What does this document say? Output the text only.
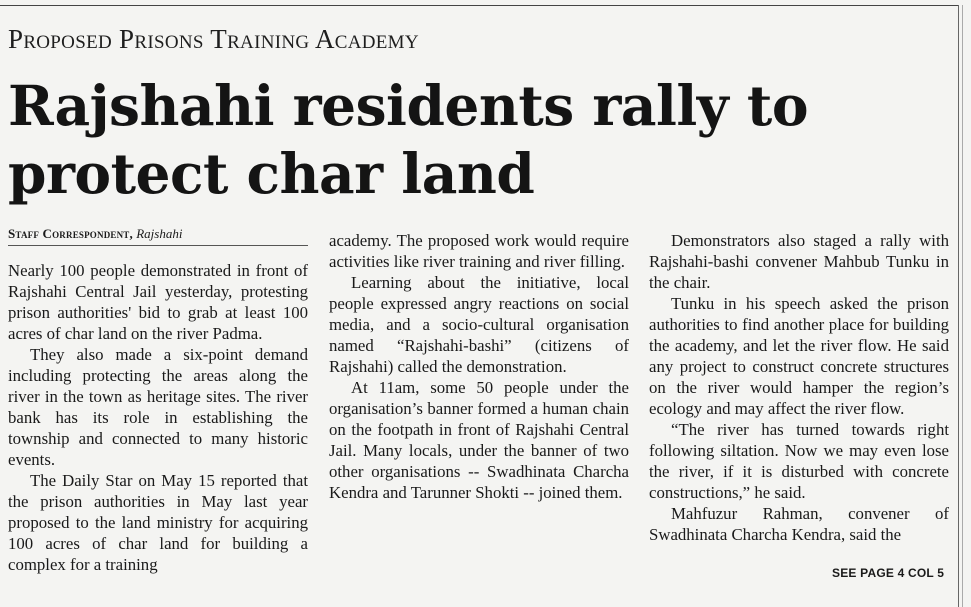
Proposed Prisons Training Academy
Rajshahi residents rally to protect char land
Staff Correspondent, Rajshahi

Nearly 100 people demonstrated in front of Rajshahi Central Jail yesterday, protesting prison authorities' bid to grab at least 100 acres of char land on the river Padma.

They also made a six-point demand including protecting the areas along the river in the town as heritage sites. The river bank has its role in establishing the township and connected to many historic events.

The Daily Star on May 15 reported that the prison authorities in May last year proposed to the land ministry for acquiring 100 acres of char land for building a complex for a training

academy. The proposed work would require activities like river training and river filling.

Learning about the initiative, local people expressed angry reactions on social media, and a socio-cultural organisation named “Rajshahi-bashi” (citizens of Rajshahi) called the demonstration.

At 11am, some 50 people under the organisation’s banner formed a human chain on the footpath in front of Rajshahi Central Jail. Many locals, under the banner of two other organisations -- Swadhinata Charcha Kendra and Tarunner Shokti -- joined them.

Demonstrators also staged a rally with Rajshahi-bashi convener Mahbub Tunku in the chair.

Tunku in his speech asked the prison authorities to find another place for building the academy, and let the river flow. He said any project to construct concrete structures on the river would hamper the region’s ecology and may affect the river flow.

“The river has turned towards right following siltation. Now we may even lose the river, if it is disturbed with concrete constructions,” he said.

Mahfuzur Rahman, convener of Swadhinata Charcha Kendra, said the

SEE PAGE 4 COL 5
